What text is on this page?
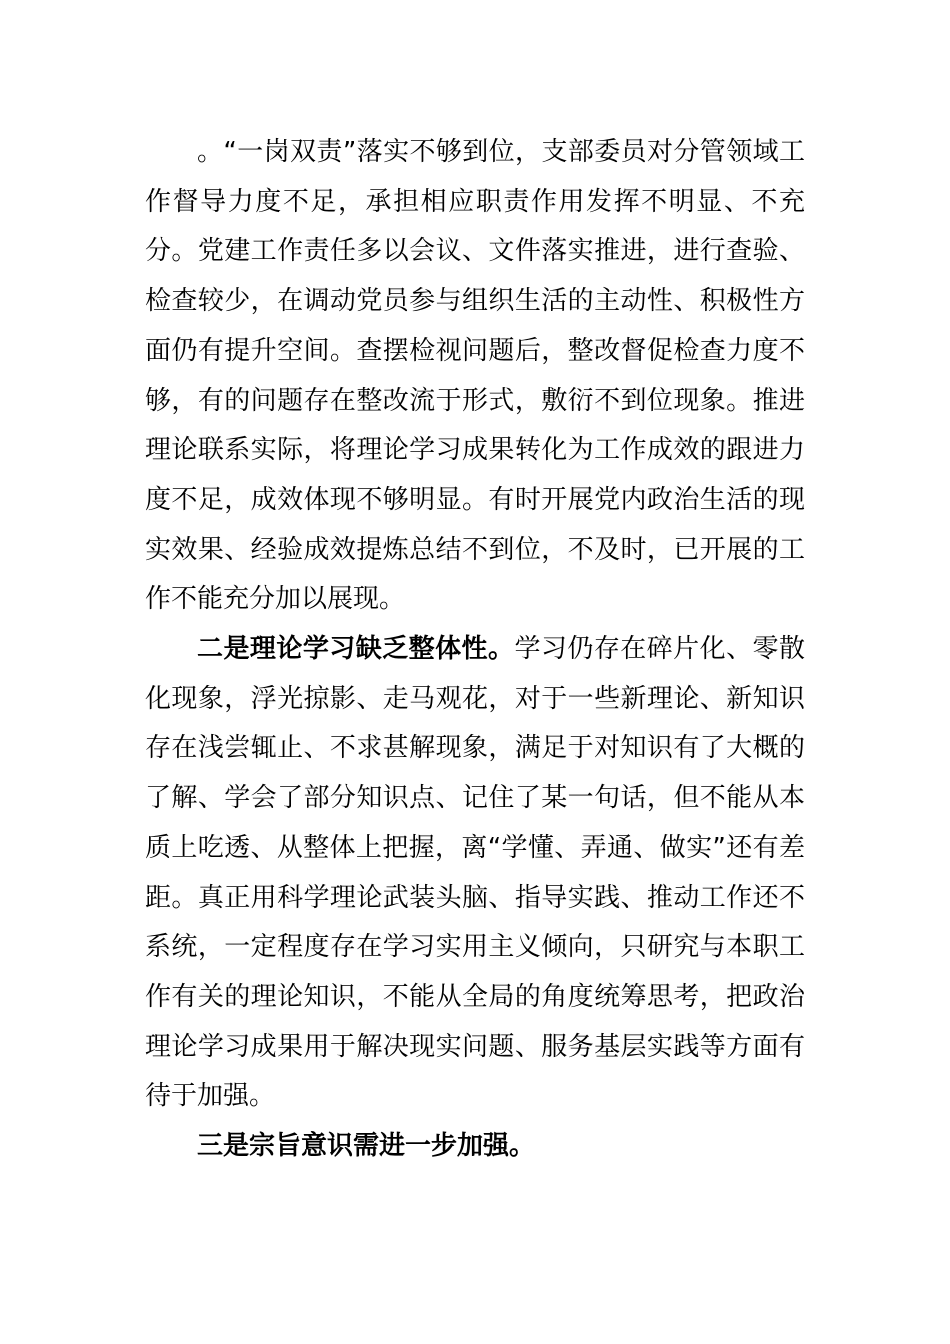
。“一岗双责”落实不够到位，支部委员对分管领域工作督导力度不足，承担相应职责作用发挥不明显、不充分。党建工作责任多以会议、文件落实推进，进行查验、检查较少，在调动党员参与组织生活的主动性、积极性方面仍有提升空间。查摆检视问题后，整改督促检查力度不够，有的问题存在整改流于形式，敷衍不到位现象。推进理论联系实际，将理论学习成果转化为工作成效的跟进力度不足，成效体现不够明显。有时开展党内政治生活的现实效果、经验成效提炼总结不到位，不及时，已开展的工作不能充分加以展现。

二是理论学习缺乏整体性。学习仍存在碎片化、零散化现象，浮光掠影、走马观花，对于一些新理论、新知识存在浅尝辄止、不求甚解现象，满足于对知识有了大概的了解、学会了部分知识点、记住了某一句话，但不能从本质上吃透、从整体上把握，离“学懂、弄通、做实”还有差距。真正用科学理论武装头脑、指导实践、推动工作还不系统，一定程度存在学习实用主义倾向，只研究与本职工作有关的理论知识，不能从全局的角度统筹思考，把政治理论学习成果用于解决现实问题、服务基层实践等方面有待于加强。

三是宗旨意识需进一步加强。
